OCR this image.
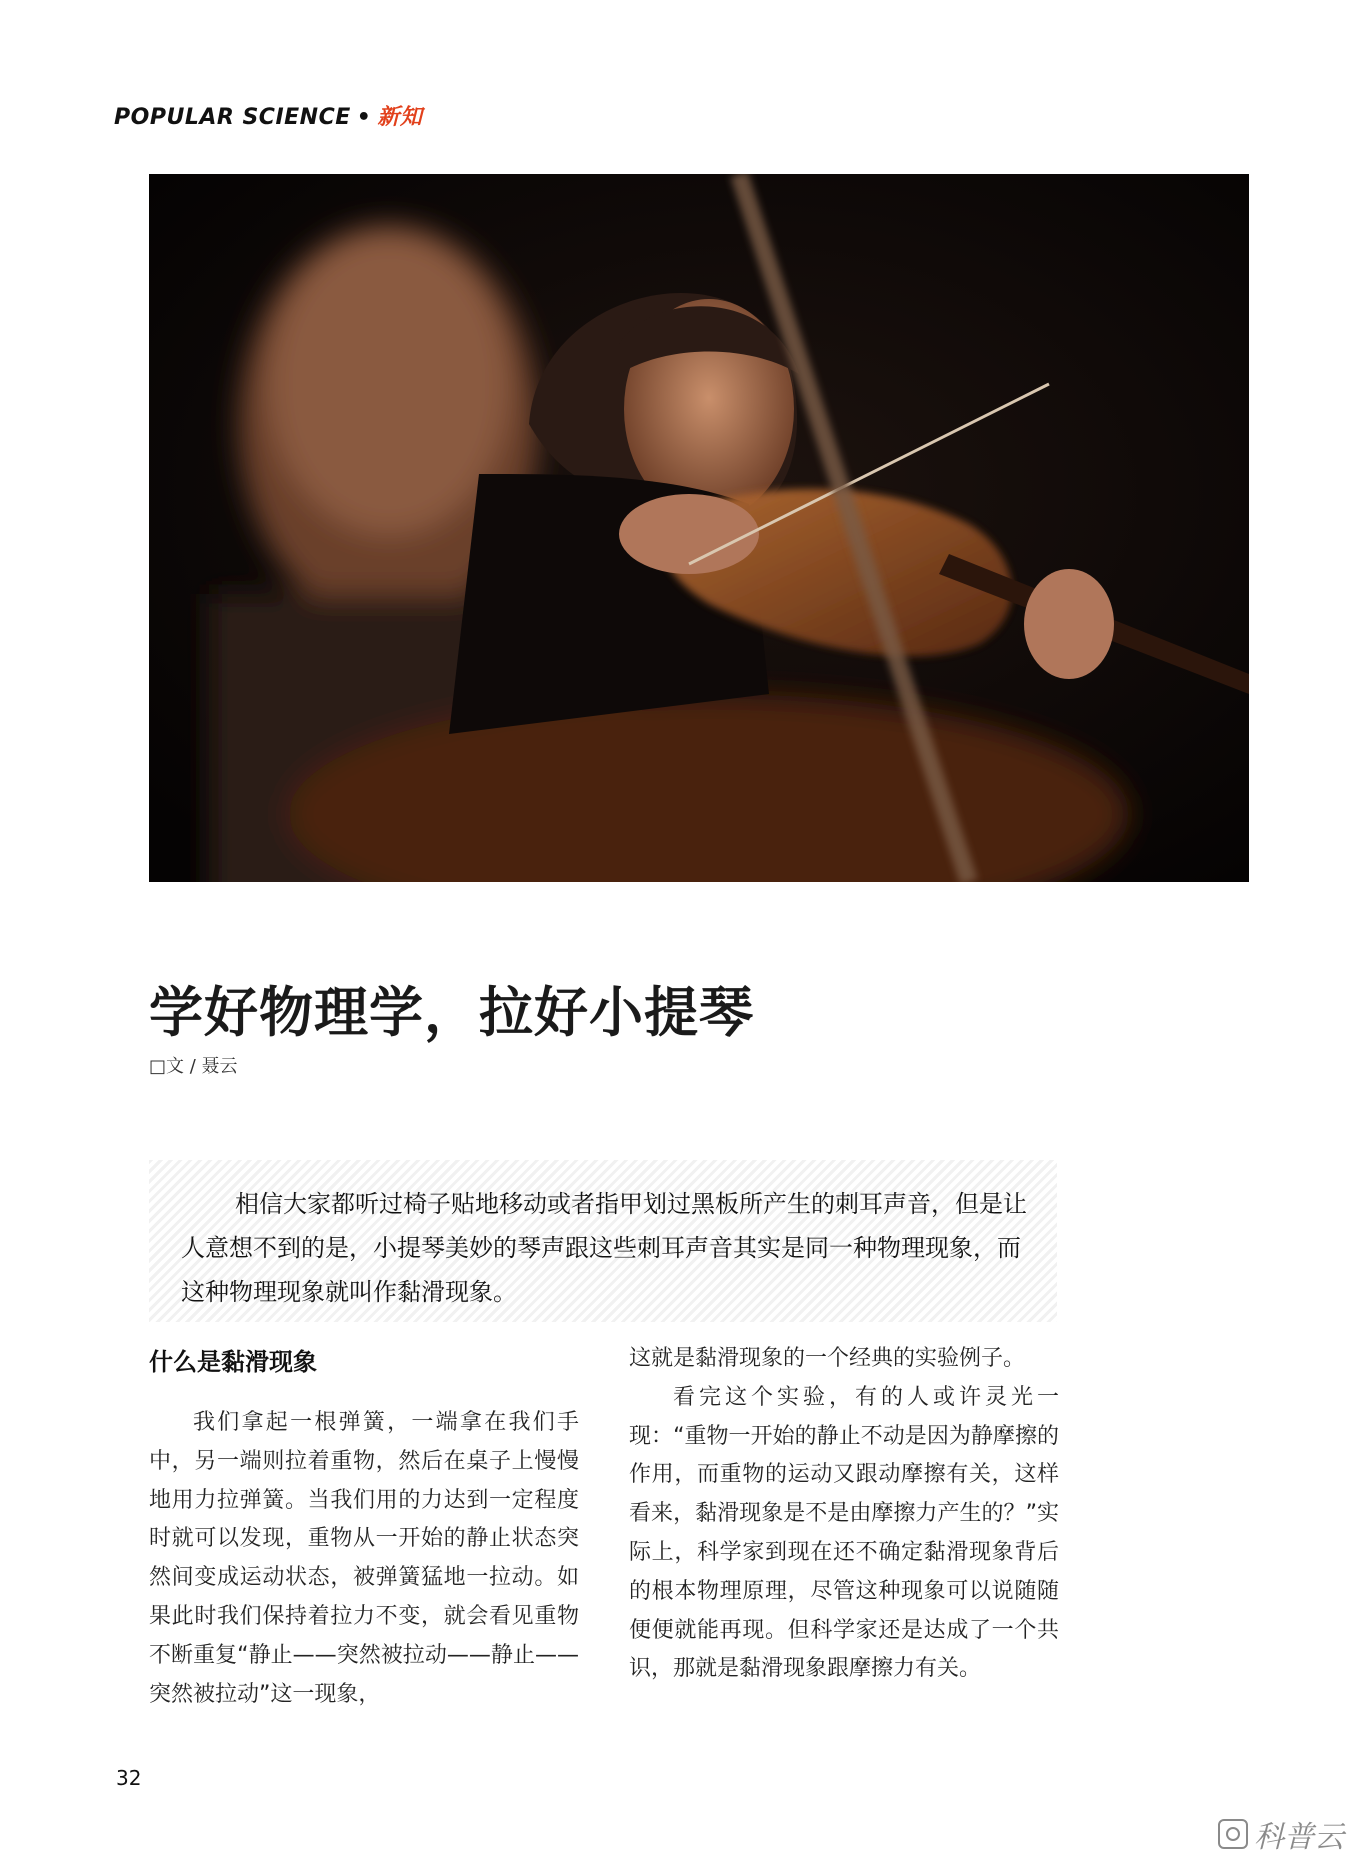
POPULAR SCIENCE • 新知
学好物理学，拉好小提琴
□文 / 聂云

相信大家都听过椅子贴地移动或者指甲划过黑板所产生的刺耳声音，但是让人意想不到的是，小提琴美妙的琴声跟这些刺耳声音其实是同一种物理现象，而这种物理现象就叫作黏滑现象。

什么是黏滑现象

我们拿起一根弹簧，一端拿在我们手中，另一端则拉着重物，然后在桌子上慢慢地用力拉弹簧。当我们用的力达到一定程度时就可以发现，重物从一开始的静止状态突然间变成运动状态，被弹簧猛地一拉动。如果此时我们保持着拉力不变，就会看见重物不断重复“静止——突然被拉动——静止——突然被拉动”这一现象，

这就是黏滑现象的一个经典的实验例子。

看完这个实验，有的人或许灵光一现：“重物一开始的静止不动是因为静摩擦的作用，而重物的运动又跟动摩擦有关，这样看来，黏滑现象是不是由摩擦力产生的？”实际上，科学家到现在还不确定黏滑现象背后的根本物理原理，尽管这种现象可以说随随便便就能再现。但科学家还是达成了一个共识，那就是黏滑现象跟摩擦力有关。

32
科普云
